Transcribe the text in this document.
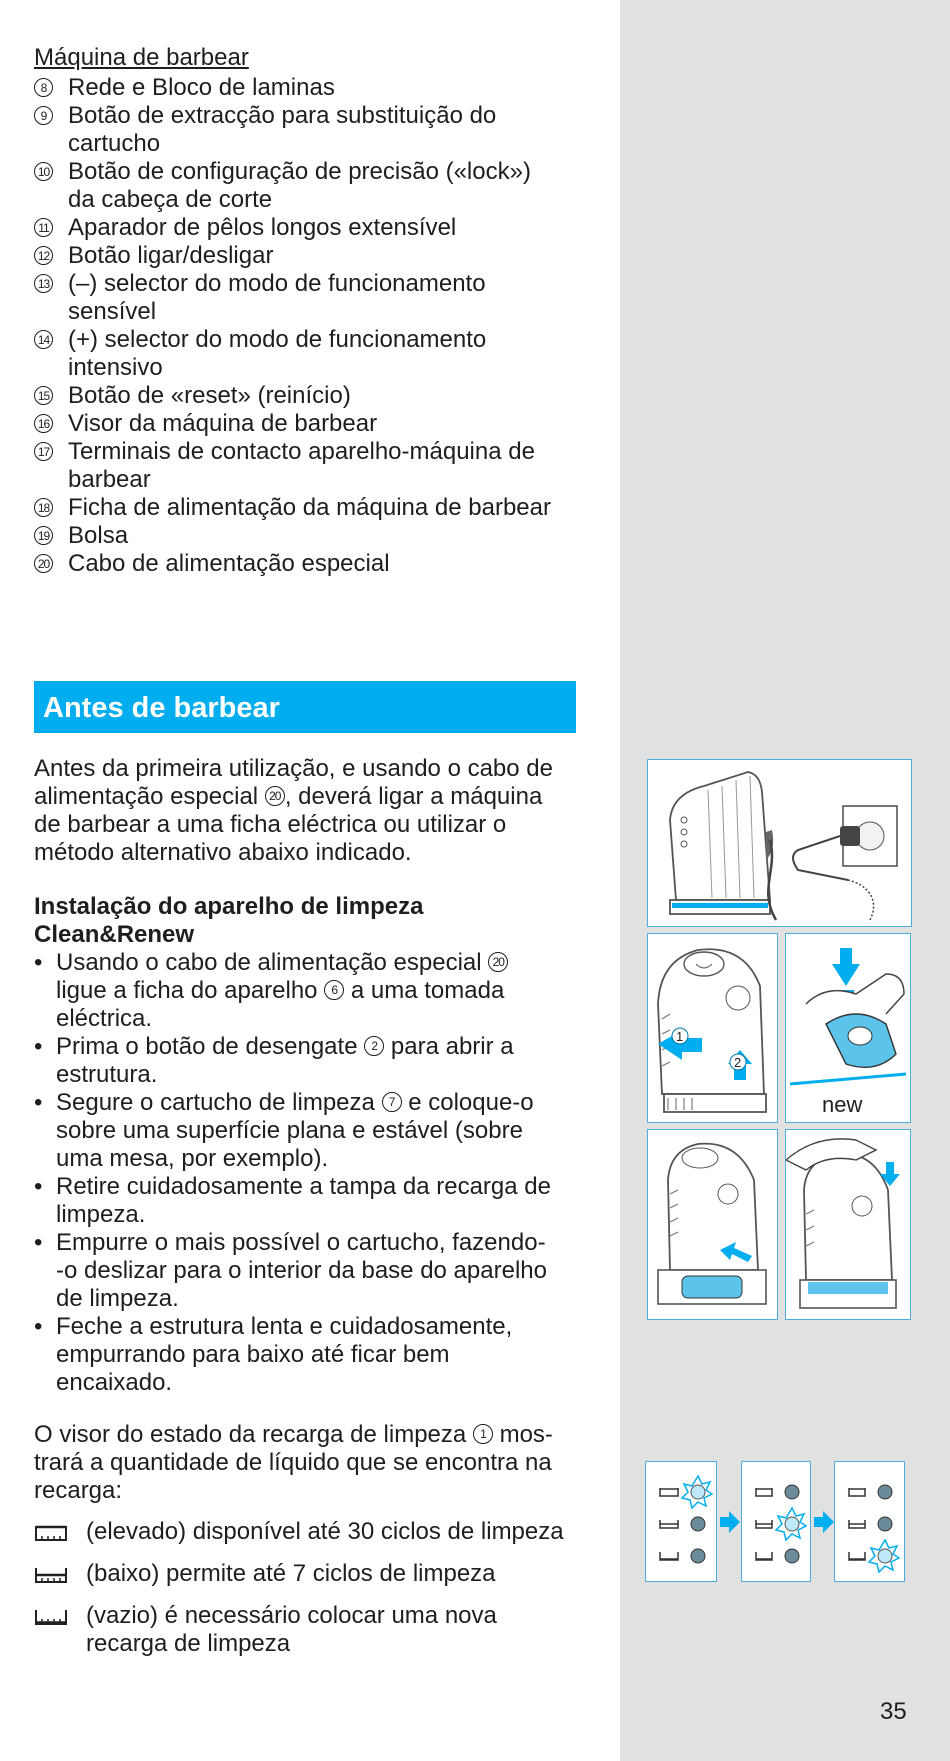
Máquina de barbear
8 Rede e Bloco de laminas
9 Botão de extracção para substituição do
cartucho
10 Botão de configuração de precisão («lock»)
da cabeça de corte
11 Aparador de pêlos longos extensível
12 Botão ligar/desligar
13 (–) selector do modo de funcionamento
sensível
14 (+) selector do modo de funcionamento
intensivo
15 Botão de «reset» (reinício)
16 Visor da máquina de barbear
17 Terminais de contacto aparelho-máquina de
barbear
18 Ficha de alimentação da máquina de barbear
19 Bolsa
20 Cabo de alimentação especial
Antes de barbear
Antes da primeira utilização, e usando o cabo de
alimentação especial 20 , deverá ligar a máquina
de barbear a uma ficha eléctrica ou utilizar o
método alternativo abaixo indicado.
Instalação do aparelho de limpeza
Clean&Renew
• Usando o cabo de alimentação especial 20
ligue a ficha do aparelho 6 a uma tomada
eléctrica.
• Prima o botão de desengate 2 para abrir a
estrutura.
• Segure o cartucho de limpeza 7 e coloque-o
sobre uma superfície plana e estável (sobre
uma mesa, por exemplo).
• Retire cuidadosamente a tampa da recarga de
limpeza.
• Empurre o mais possível o cartucho, fazendo-
-o deslizar para o interior da base do aparelho
de limpeza.
• Feche a estrutura lenta e cuidadosamente,
empurrando para baixo até ficar bem
encaixado.
O visor do estado da recarga de limpeza 1 mos-
trará a quantidade de líquido que se encontra na
recarga:
(elevado) disponível até 30 ciclos de limpeza
(baixo) permite até 7 ciclos de limpeza
(vazio) é necessário colocar uma nova
recarga de limpeza
1
2
new
35
